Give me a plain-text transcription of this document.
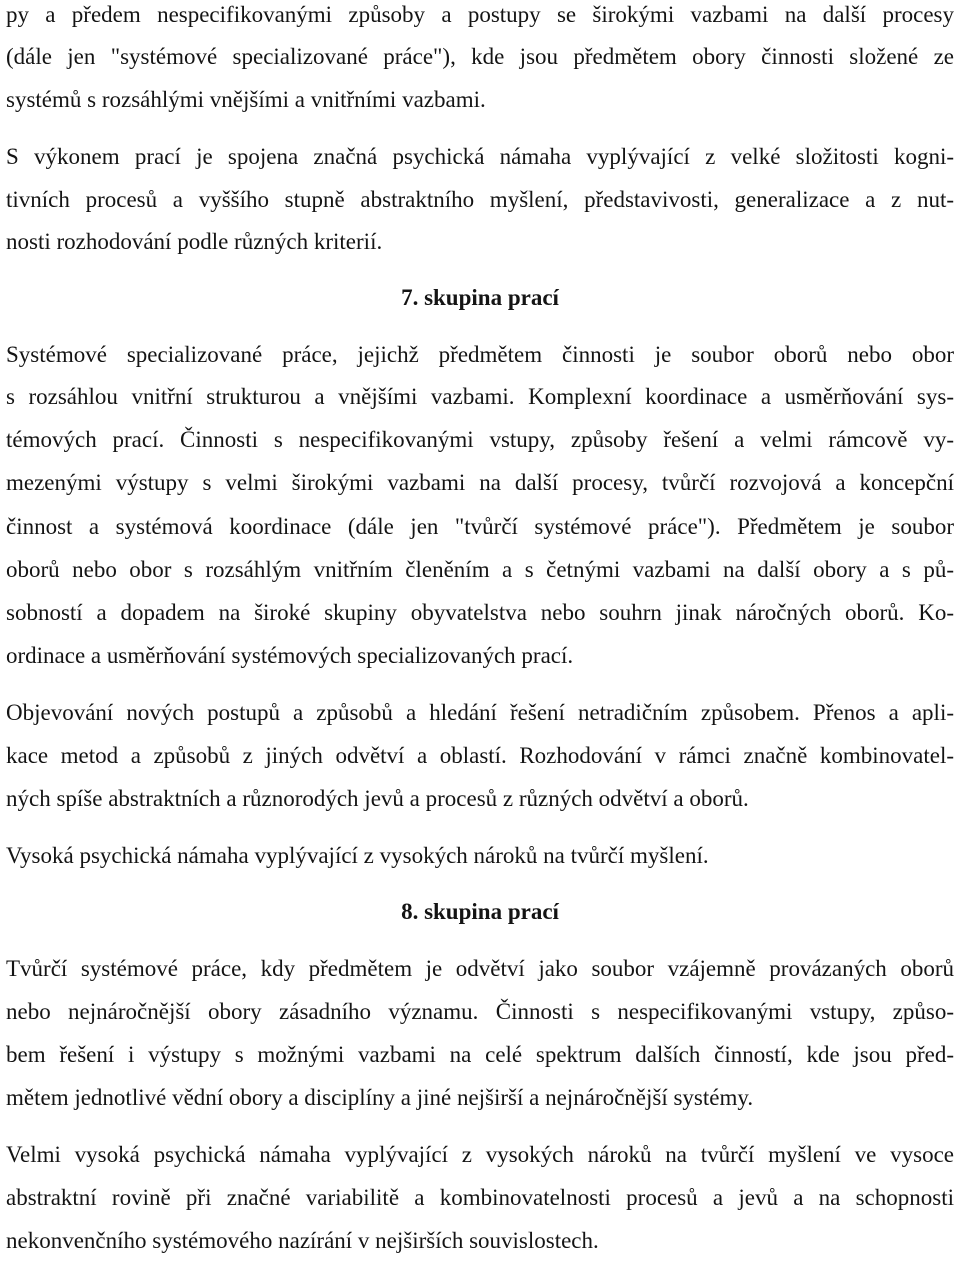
py a předem nespecifikovanými způsoby a postupy se širokými vazbami na další procesy
(dále jen "systémové specializované práce"), kde jsou předmětem obory činnosti složené ze
systémů s rozsáhlými vnějšími a vnitřními vazbami.
S výkonem prací je spojena značná psychická námaha vyplývající z velké složitosti kogni-
tivních procesů a vyššího stupně abstraktního myšlení, představivosti, generalizace a z nut-
nosti rozhodování podle různých kriterií.
7. skupina prací
Systémové specializované práce, jejichž předmětem činnosti je soubor oborů nebo obor
s rozsáhlou vnitřní strukturou a vnějšími vazbami. Komplexní koordinace a usměrňování sys-
témových prací. Činnosti s nespecifikovanými vstupy, způsoby řešení a velmi rámcově vy-
mezenými výstupy s velmi širokými vazbami na další procesy, tvůrčí rozvojová a koncepční
činnost a systémová koordinace (dále jen "tvůrčí systémové práce"). Předmětem je soubor
oborů nebo obor s rozsáhlým vnitřním členěním a s četnými vazbami na další obory a s pů-
sobností a dopadem na široké skupiny obyvatelstva nebo souhrn jinak náročných oborů. Ko-
ordinace a usměrňování systémových specializovaných prací.
Objevování nových postupů a způsobů a hledání řešení netradičním způsobem. Přenos a apli-
kace metod a způsobů z jiných odvětví a oblastí. Rozhodování v rámci značně kombinovatel-
ných spíše abstraktních a různorodých jevů a procesů z různých odvětví a oborů.
Vysoká psychická námaha vyplývající z vysokých nároků na tvůrčí myšlení.
8. skupina prací
Tvůrčí systémové práce, kdy předmětem je odvětví jako soubor vzájemně provázaných oborů
nebo nejnáročnější obory zásadního významu. Činnosti s nespecifikovanými vstupy, způso-
bem řešení i výstupy s možnými vazbami na celé spektrum dalších činností, kde jsou před-
mětem jednotlivé vědní obory a disciplíny a jiné nejširší a nejnáročnější systémy.
Velmi vysoká psychická námaha vyplývající z vysokých nároků na tvůrčí myšlení ve vysoce
abstraktní rovině při značné variabilitě a kombinovatelnosti procesů a jevů a na schopnosti
nekonvenčního systémového nazírání v nejširších souvislostech.
